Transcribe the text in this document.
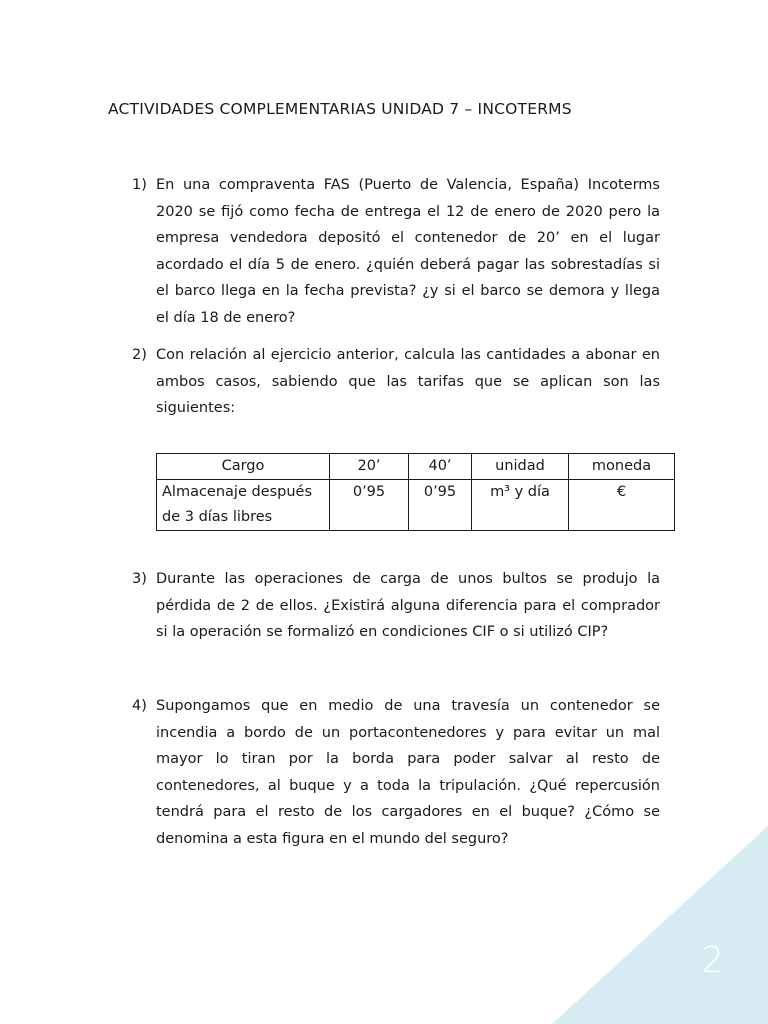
ACTIVIDADES COMPLEMENTARIAS UNIDAD 7 – INCOTERMS
1) En una compraventa FAS (Puerto de Valencia, España) Incoterms 2020 se fijó como fecha de entrega el 12 de enero de 2020 pero la empresa vendedora depositó el contenedor de 20’ en el lugar acordado el día 5 de enero. ¿quién deberá pagar las sobrestadías si el barco llega en la fecha prevista? ¿y si el barco se demora y llega el día 18 de enero?
2) Con relación al ejercicio anterior, calcula las cantidades a abonar en ambos casos, sabiendo que las tarifas que se aplican son las siguientes:
Cargo	20’	40’	unidad	moneda
Almacenaje después de 3 días libres	0’95	0’95	m³ y día	€
3) Durante las operaciones de carga de unos bultos se produjo la pérdida de 2 de ellos. ¿Existirá alguna diferencia para el comprador si la operación se formalizó en condiciones CIF o si utilizó CIP?
4) Supongamos que en medio de una travesía un contenedor se incendia a bordo de un portacontenedores y para evitar un mal mayor lo tiran por la borda para poder salvar al resto de contenedores, al buque y a toda la tripulación. ¿Qué repercusión tendrá para el resto de los cargadores en el buque? ¿Cómo se denomina a esta figura en el mundo del seguro?
2
